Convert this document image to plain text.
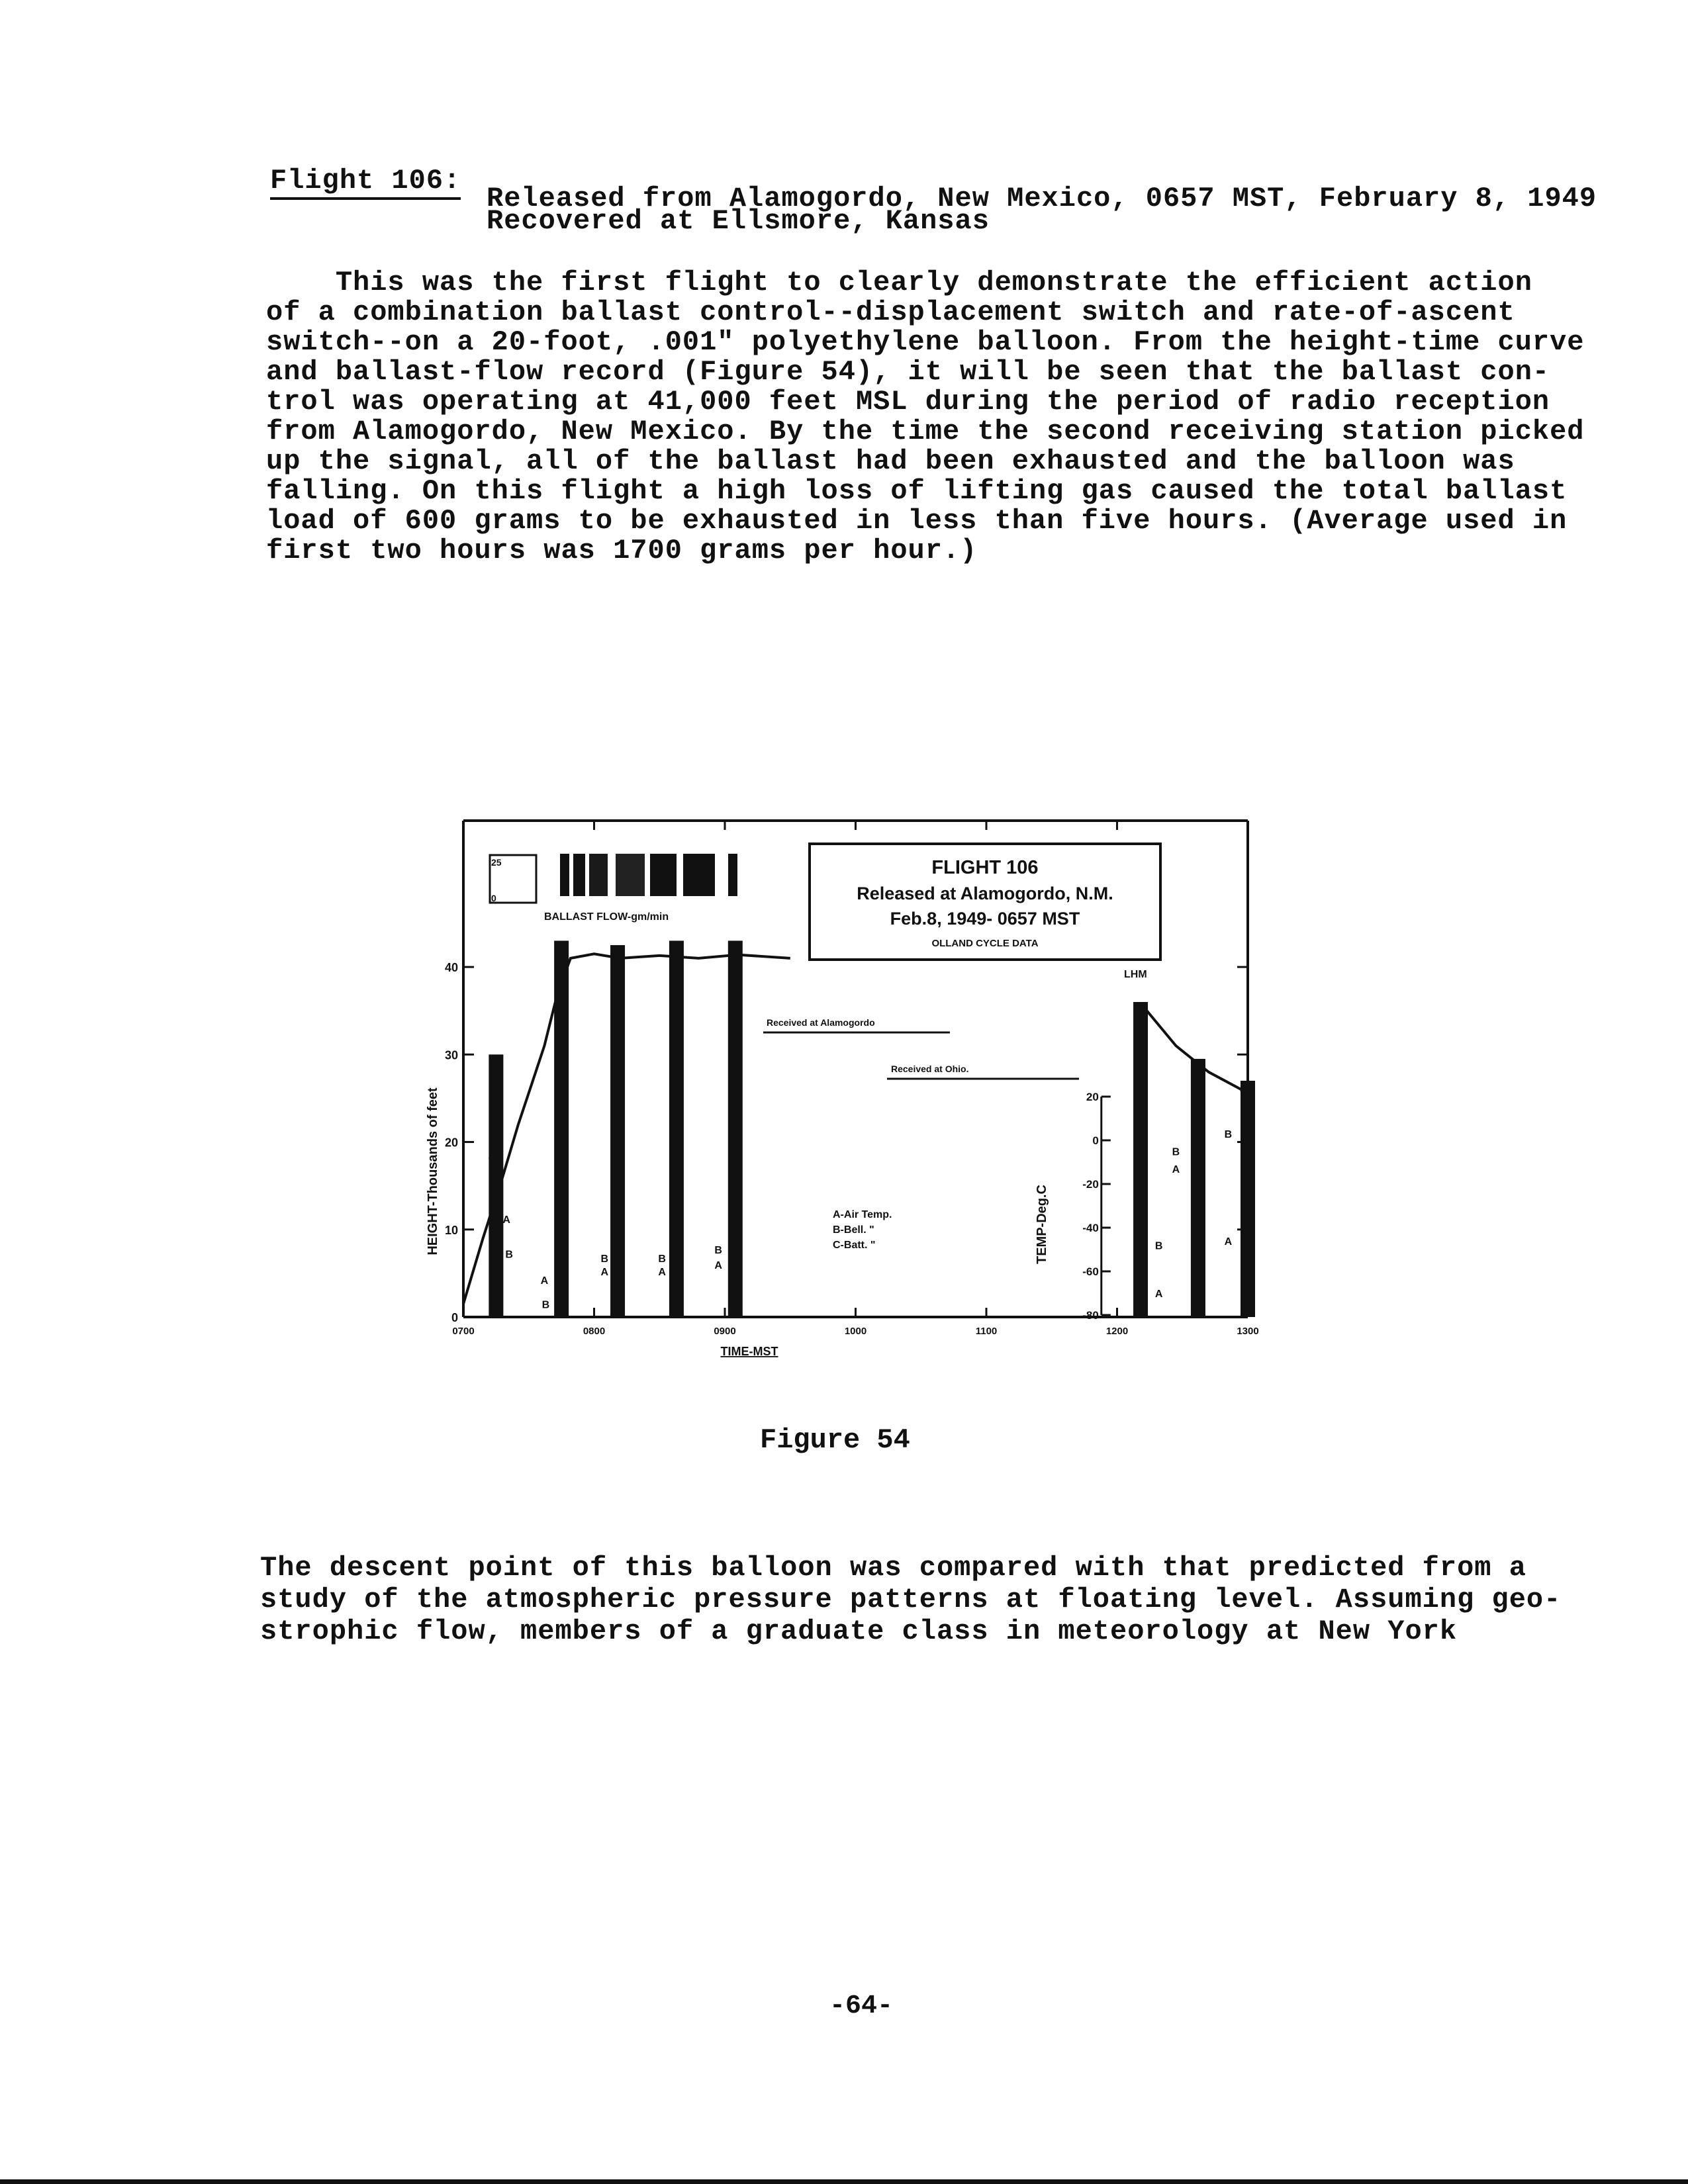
Flight 106:
Released from Alamogordo, New Mexico, 0657 MST, February 8, 1949
Recovered at Ellsmore, Kansas
This was the first flight to clearly demonstrate the efficient action
of a combination ballast control--displacement switch and rate-of-ascent
switch--on a 20-foot, .001" polyethylene balloon. From the height-time curve
and ballast-flow record (Figure 54), it will be seen that the ballast con-
trol was operating at 41,000 feet MSL during the period of radio reception
from Alamogordo, New Mexico. By the time the second receiving station picked
up the signal, all of the ballast had been exhausted and the balloon was
falling. On this flight a high loss of lifting gas caused the total ballast
load of 600 grams to be exhausted in less than five hours. (Average used in
first two hours was 1700 grams per hour.)
25
0
BALLAST FLOW-gm/min
FLIGHT 106
Released at Alamogordo, N.M.
Feb.8, 1949- 0657 MST
OLLAND CYCLE DATA
Received at Alamogordo
Received at Ohio.
LHM
A-Air Temp.
B-Bell. "
C-Batt. "
HEIGHT-Thousands of feet	TEMP-Deg.C
TIME-MST
0700	0800	0900	1000	1100	1200	1300
0
10
20
30
40
20
0
-20
-40
-60
-80
C
A
B
A
B
B
A
B
A
B
A
B
A
B
A
B
A
Figure 54
The descent point of this balloon was compared with that predicted from a
study of the atmospheric pressure patterns at floating level. Assuming geo-
strophic flow, members of a graduate class in meteorology at New York
-64-
